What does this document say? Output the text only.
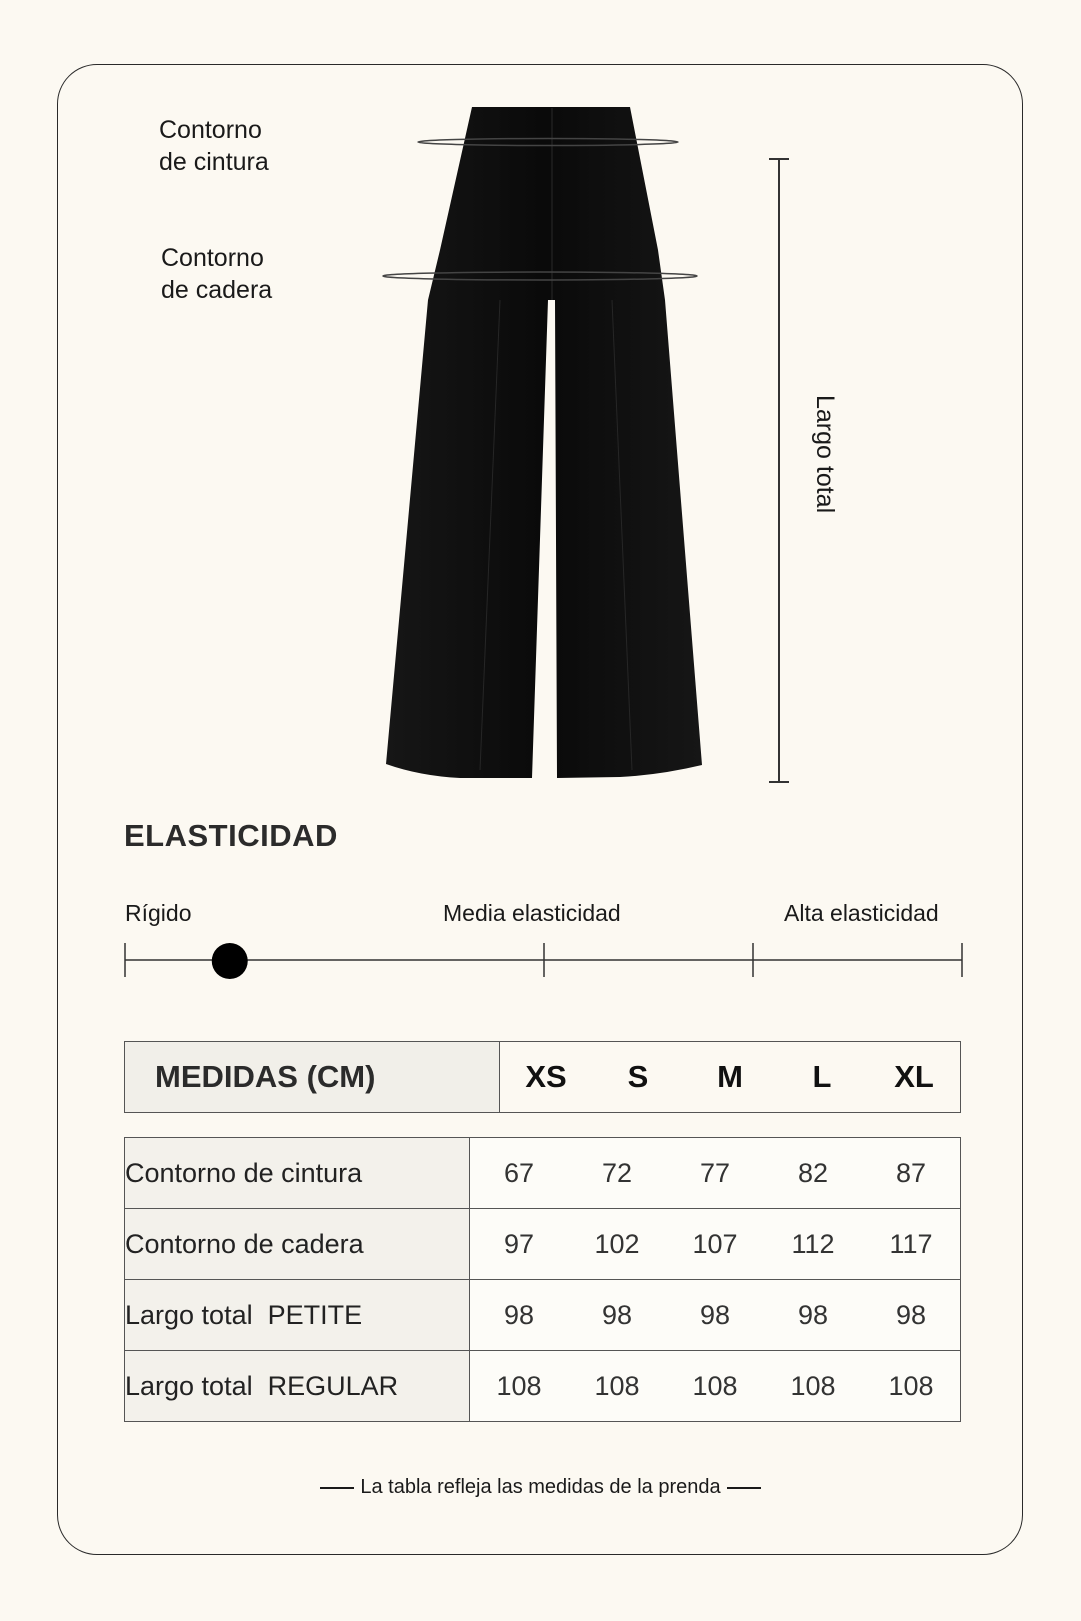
Contorno
de cintura
Contorno
de cadera
Largo total
ELASTICIDAD
Rígido	Media elasticidad	Alta elasticidad
MEDIDAS (CM)	XS	S	M	L	XL
Contorno de cintura	67 72 77 82 87

Contorno de cadera	97 102 107 112 117

Largo total  PETITE	98 98 98 98 98

Largo total  REGULAR	108 108 108 108 108
La tabla refleja las medidas de la prenda
